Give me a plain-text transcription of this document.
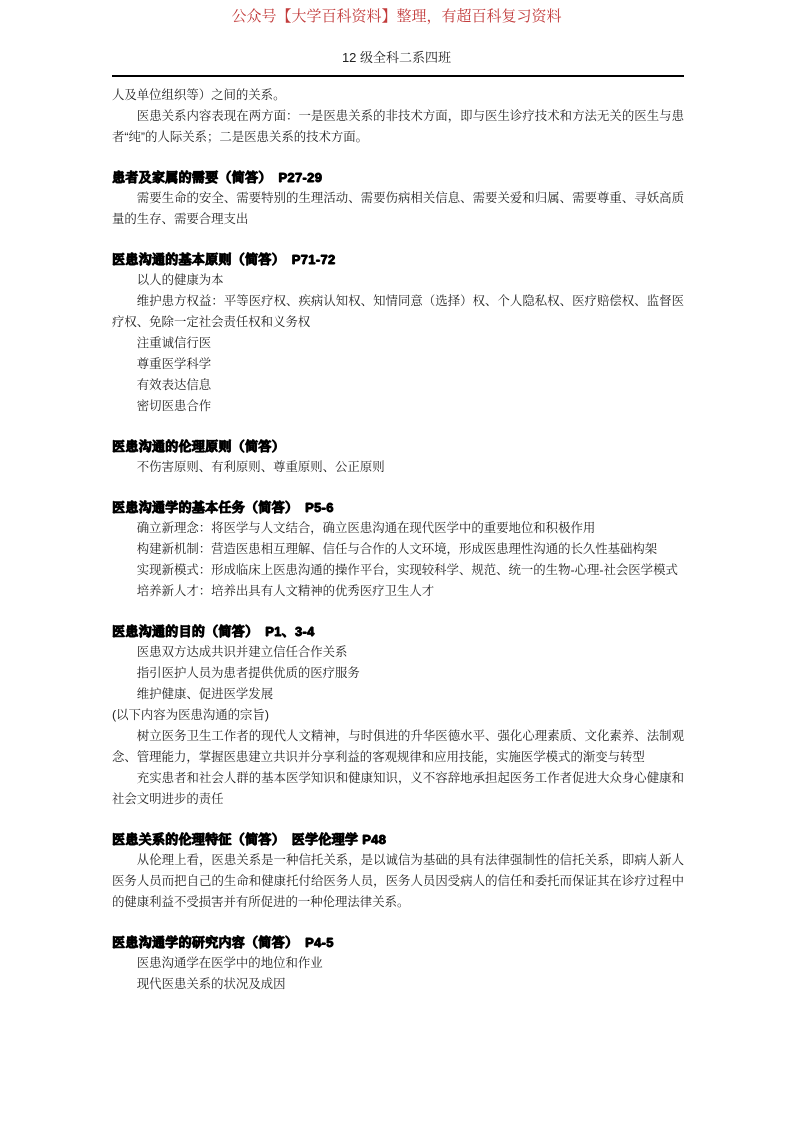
公众号【大学百科资料】整理，有超百科复习资料

12 级全科二系四班

人及单位组织等）之间的关系。

医患关系内容表现在两方面：一是医患关系的非技术方面，即与医生诊疗技术和方法无关的医生与患者“纯”的人际关系；二是医患关系的技术方面。

患者及家属的需要（简答）　P27-29

需要生命的安全、需要特别的生理活动、需要伤病相关信息、需要关爱和归属、需要尊重、寻妖高质量的生存、需要合理支出

医患沟通的基本原则（简答）　P71-72

以人的健康为本

维护患方权益：平等医疗权、疾病认知权、知情同意（选择）权、个人隐私权、医疗赔偿权、监督医疗权、免除一定社会责任权和义务权

注重诚信行医

尊重医学科学

有效表达信息

密切医患合作

医患沟通的伦理原则（简答）

不伤害原则、有利原则、尊重原则、公正原则

医患沟通学的基本任务（简答）　P5-6

确立新理念：将医学与人文结合，确立医患沟通在现代医学中的重要地位和积极作用

构建新机制：营造医患相互理解、信任与合作的人文环境，形成医患理性沟通的长久性基础构架

实现新模式：形成临床上医患沟通的操作平台，实现较科学、规范、统一的生物-心理-社会医学模式

培养新人才：培养出具有人文精神的优秀医疗卫生人才

医患沟通的目的（简答）　P1、3-4

医患双方达成共识并建立信任合作关系

指引医护人员为患者提供优质的医疗服务

维护健康、促进医学发展

(以下内容为医患沟通的宗旨)

树立医务卫生工作者的现代人文精神，与时俱进的升华医德水平、强化心理素质、文化素养、法制观念、管理能力，掌握医患建立共识并分享利益的客观规律和应用技能，实施医学模式的渐变与转型

充实患者和社会人群的基本医学知识和健康知识，义不容辞地承担起医务工作者促进大众身心健康和社会文明进步的责任

医患关系的伦理特征（简答）　医学伦理学 P48

从伦理上看，医患关系是一种信托关系，是以诚信为基础的具有法律强制性的信托关系，即病人新人医务人员而把自己的生命和健康托付给医务人员，医务人员因受病人的信任和委托而保证其在诊疗过程中的健康利益不受损害并有所促进的一种伦理法律关系。

医患沟通学的研究内容（简答）　P4-5

医患沟通学在医学中的地位和作业

现代医患关系的状况及成因
